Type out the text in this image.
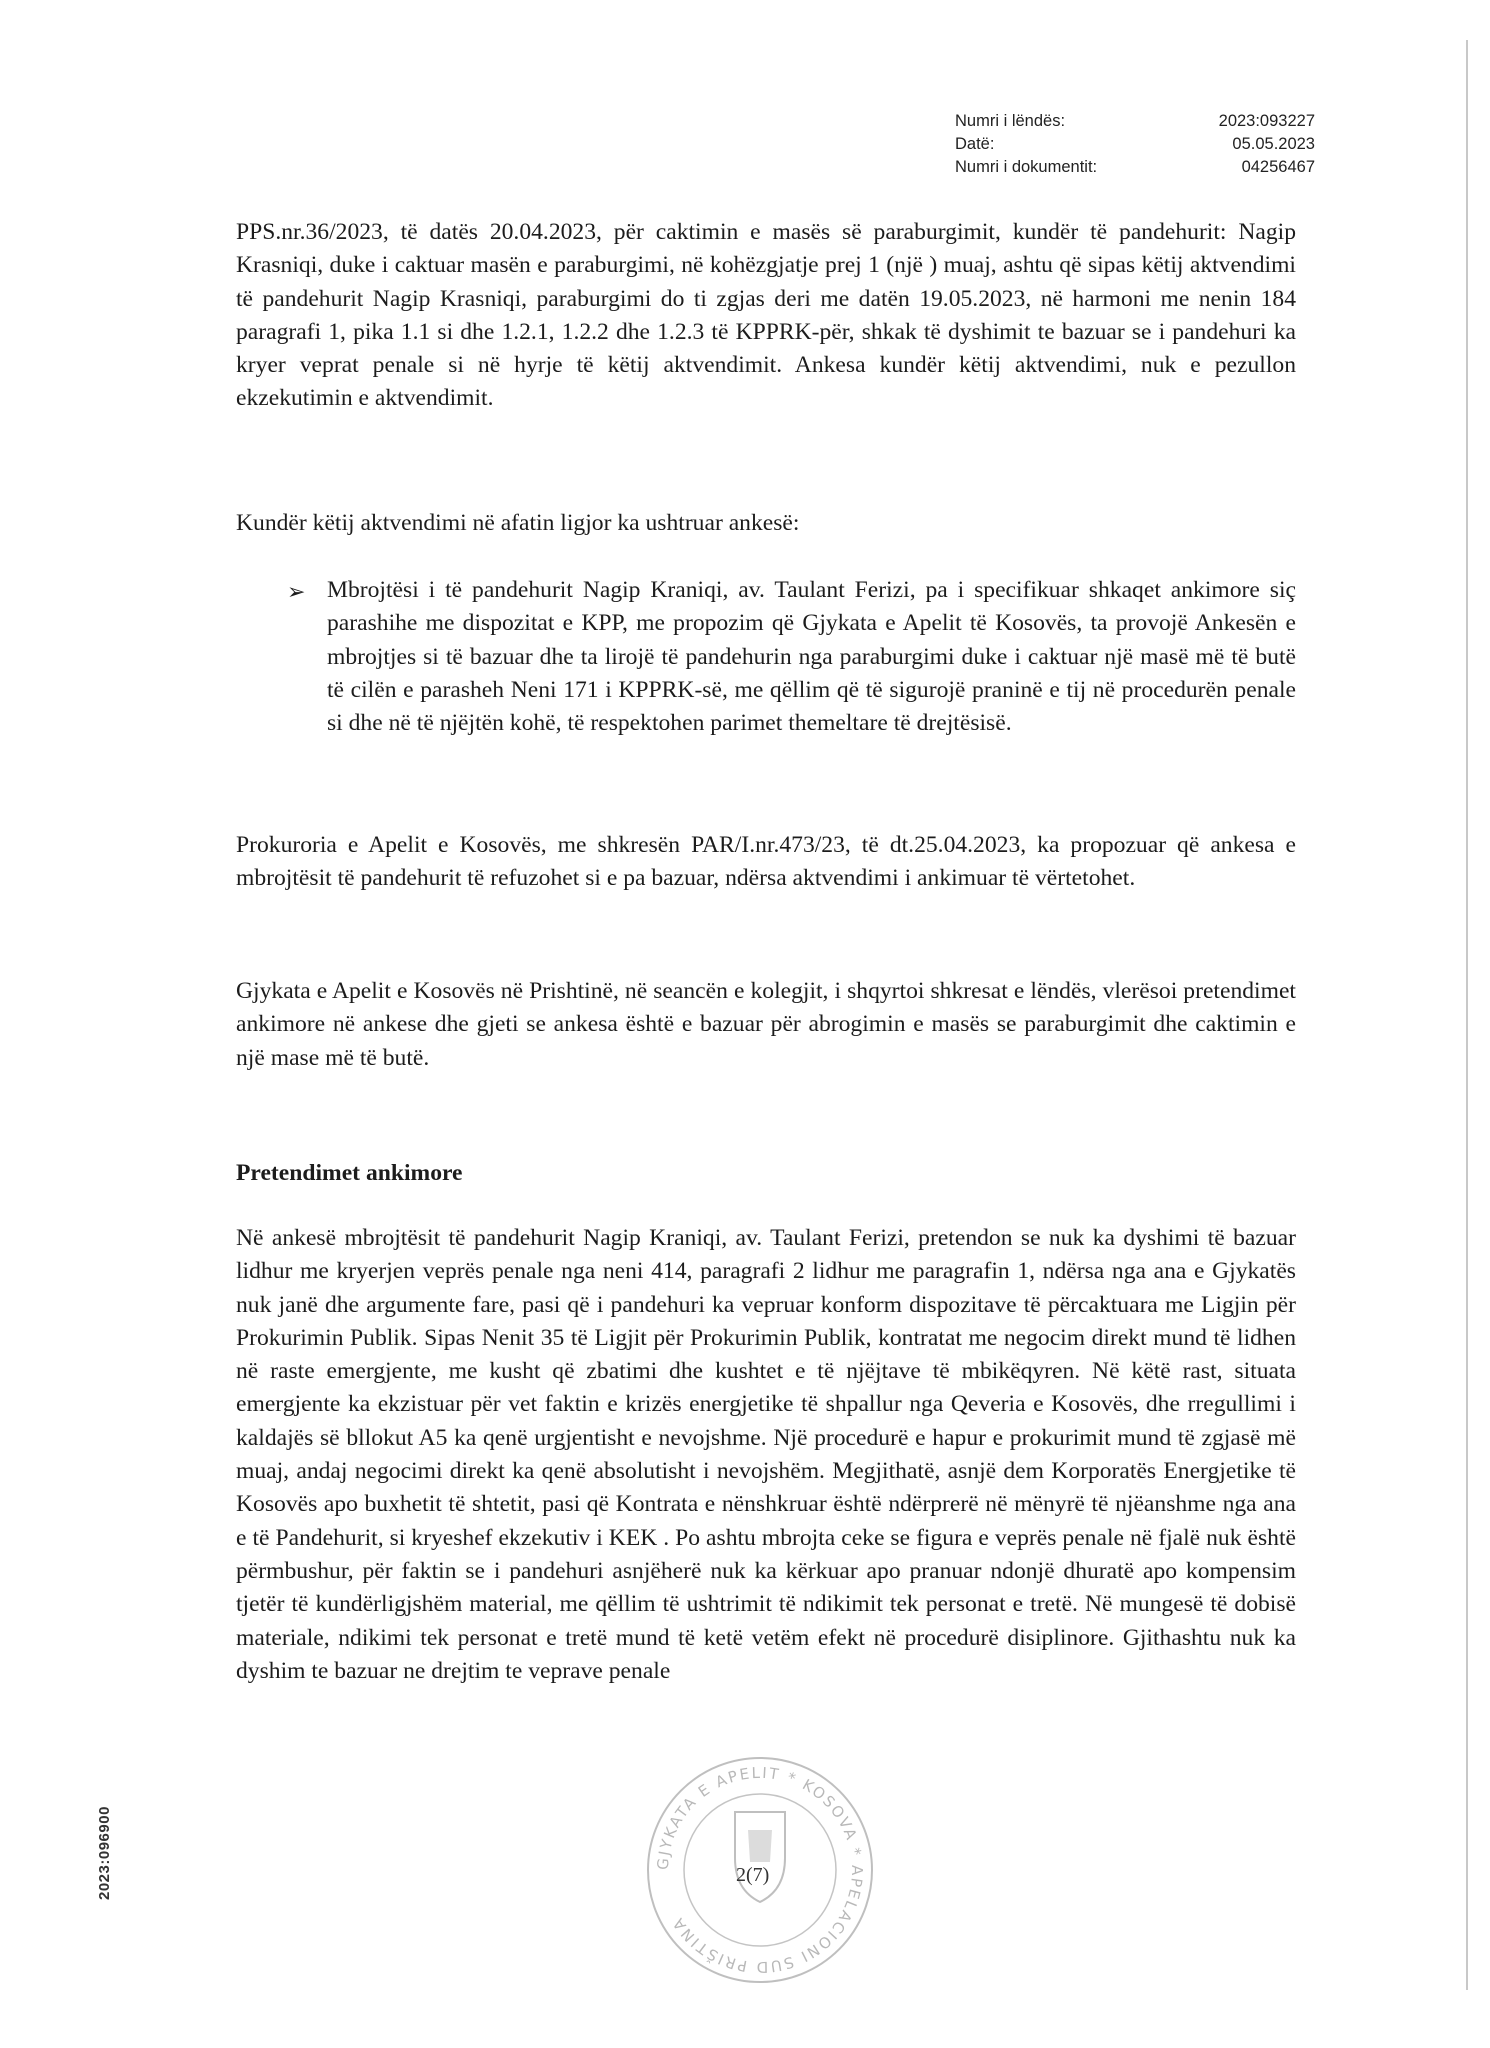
Numri i lëndës:	2023:093227
Datë:	05.05.2023
Numri i dokumentit:	04256467
PPS.nr.36/2023, të datës 20.04.2023, për caktimin e masës së paraburgimit, kundër të pandehurit: Nagip Krasniqi, duke i caktuar masën e paraburgimi, në kohëzgjatje prej 1 (një ) muaj, ashtu që sipas këtij aktvendimi të pandehurit Nagip Krasniqi, paraburgimi do ti zgjas deri me datën 19.05.2023, në harmoni me nenin 184 paragrafi 1, pika 1.1 si dhe 1.2.1, 1.2.2 dhe 1.2.3 të KPPRK-për, shkak të dyshimit te bazuar se i pandehuri ka kryer veprat penale si në hyrje të këtij aktvendimit. Ankesa kundër këtij aktvendimi, nuk e pezullon ekzekutimin e aktvendimit.
Kundër këtij aktvendimi në afatin ligjor ka ushtruar ankesë:
➢ Mbrojtësi i të pandehurit Nagip Kraniqi, av. Taulant Ferizi, pa i specifikuar shkaqet ankimore siç parashihe me dispozitat e KPP, me propozim që Gjykata e Apelit të Kosovës, ta provojë Ankesën e mbrojtjes si të bazuar dhe ta lirojë të pandehurin nga paraburgimi duke i caktuar një masë më të butë të cilën e parasheh Neni 171 i KPPRK-së, me qëllim që të sigurojë praninë e tij në procedurën penale si dhe në të njëjtën kohë, të respektohen parimet themeltare të drejtësisë.
Prokuroria e Apelit e Kosovës, me shkresën PAR/I.nr.473/23, të dt.25.04.2023, ka propozuar që ankesa e mbrojtësit të pandehurit të refuzohet si e pa bazuar, ndërsa aktvendimi i ankimuar të vërtetohet.
Gjykata e Apelit e Kosovës në Prishtinë, në seancën e kolegjit, i shqyrtoi shkresat e lëndës, vlerësoi pretendimet ankimore në ankese dhe gjeti se ankesa është e bazuar për abrogimin e masës se paraburgimit dhe caktimin e një mase më të butë.
Pretendimet ankimore
Në ankesë mbrojtësit të pandehurit Nagip Kraniqi, av. Taulant Ferizi, pretendon se nuk ka dyshimi të bazuar lidhur me kryerjen veprës penale nga neni 414, paragrafi 2 lidhur me paragrafin 1, ndërsa nga ana e Gjykatës nuk janë dhe argumente fare, pasi që i pandehuri ka vepruar konform dispozitave të përcaktuara me Ligjin për Prokurimin Publik. Sipas Nenit 35 të Ligjit për Prokurimin Publik, kontratat me negocim direkt mund të lidhen në raste emergjente, me kusht që zbatimi dhe kushtet e të njëjtave të mbikëqyren. Në këtë rast, situata emergjente ka ekzistuar për vet faktin e krizës energjetike të shpallur nga Qeveria e Kosovës, dhe rregullimi i kaldajës së bllokut A5 ka qenë urgjentisht e nevojshme. Një procedurë e hapur e prokurimit mund të zgjasë më muaj, andaj negocimi direkt ka qenë absolutisht i nevojshëm. Megjithatë, asnjë dem Korporatës Energjetike të Kosovës apo buxhetit të shtetit, pasi që Kontrata e nënshkruar është ndërprerë në mënyrë të njëanshme nga ana e të Pandehurit, si kryeshef ekzekutiv i KEK . Po ashtu mbrojta ceke se figura e veprës penale në fjalë nuk është përmbushur, për faktin se i pandehuri asnjëherë nuk ka kërkuar apo pranuar ndonjë dhuratë apo kompensim tjetër të kundërligjshëm material, me qëllim të ushtrimit të ndikimit tek personat e tretë. Në mungesë të dobisë materiale, ndikimi tek personat e tretë mund të ketë vetëm efekt në procedurë disiplinore. Gjithashtu nuk ka dyshim te bazuar ne drejtim te veprave penale
GJYKATA E APELIT * KOSOVA * APELACIONI SUD PRIŠTINA
2(7)
2023:096900
